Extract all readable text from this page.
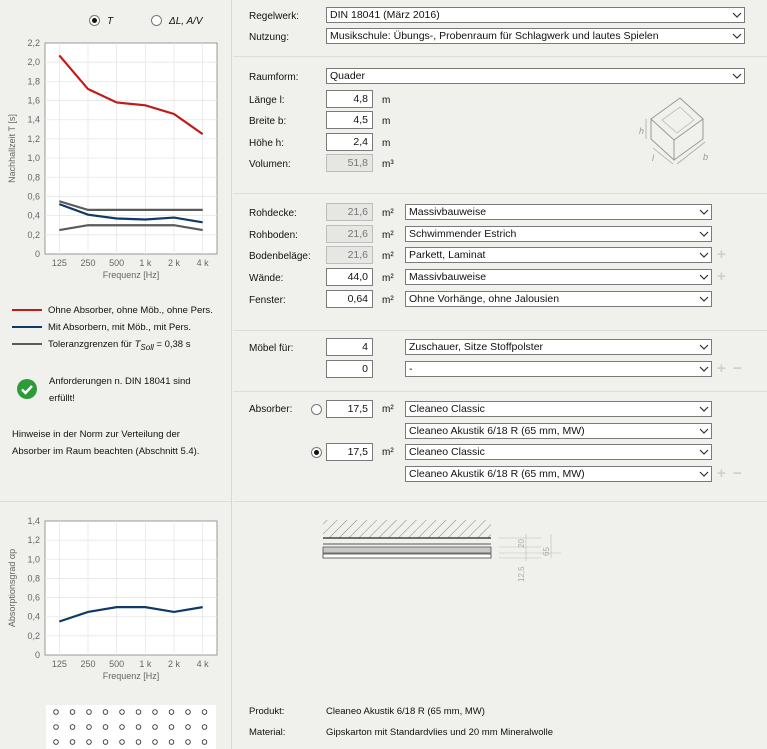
T	ΔL, A/V
0
0,2
0,4
0,6
0,8
1,0
1,2
1,4
1,6
1,8
2,0
2,2
125 250 500 1 k 2 k 4 k
Frequenz [Hz]
Nachhallzeit T [s]
Ohne Absorber, ohne Möb., ohne Pers.
Mit Absorbern, mit Möb., mit Pers.
Toleranzgrenzen für $T_{Soll} = 0,38$ s
Anforderungen n. DIN 18041 sind
erfüllt!
Hinweise in der Norm zur Verteilung der
Absorber im Raum beachten (Abschnitt 5.4).
0
0,2
0,4
0,6
0,8
1,0
1,2
1,4
125 250 500 1 k 2 k 4 k
Frequenz [Hz]
Absorptionsgrad αp
Regelwerk:	DIN 18041 (März 2016)
Nutzung:	Musikschule: Übungs-, Probenraum für Schlagwerk und lautes Spielen
Raumform:	Quader
Länge l:	4,8	m
Breite b:	4,5	m
Höhe h:	2,4	m
Volumen:	51,8	m³
h
l	b
Rohdecke:	21,6	m²	Massivbauweise
Rohboden:	21,6	m²	Schwimmender Estrich
Bodenbeläge:	21,6	m²	Parkett, Laminat	+
Wände:	44,0	m²	Massivbauweise	+
Fenster:	0,64	m²	Ohne Vorhänge, ohne Jalousien
Möbel für:	4	Zuschauer, Sitze Stoffpolster
0	-	+ −
Absorber:	17,5	m²	Cleaneo Classic
Cleaneo Akustik 6/18 R (65 mm, MW)
17,5	m²	Cleaneo Classic
Cleaneo Akustik 6/18 R (65 mm, MW)	+ −
20
65
12,5
Produkt:	Cleaneo Akustik 6/18 R (65 mm, MW)
Material:	Gipskarton mit Standardvlies und 20 mm Mineralwolle
